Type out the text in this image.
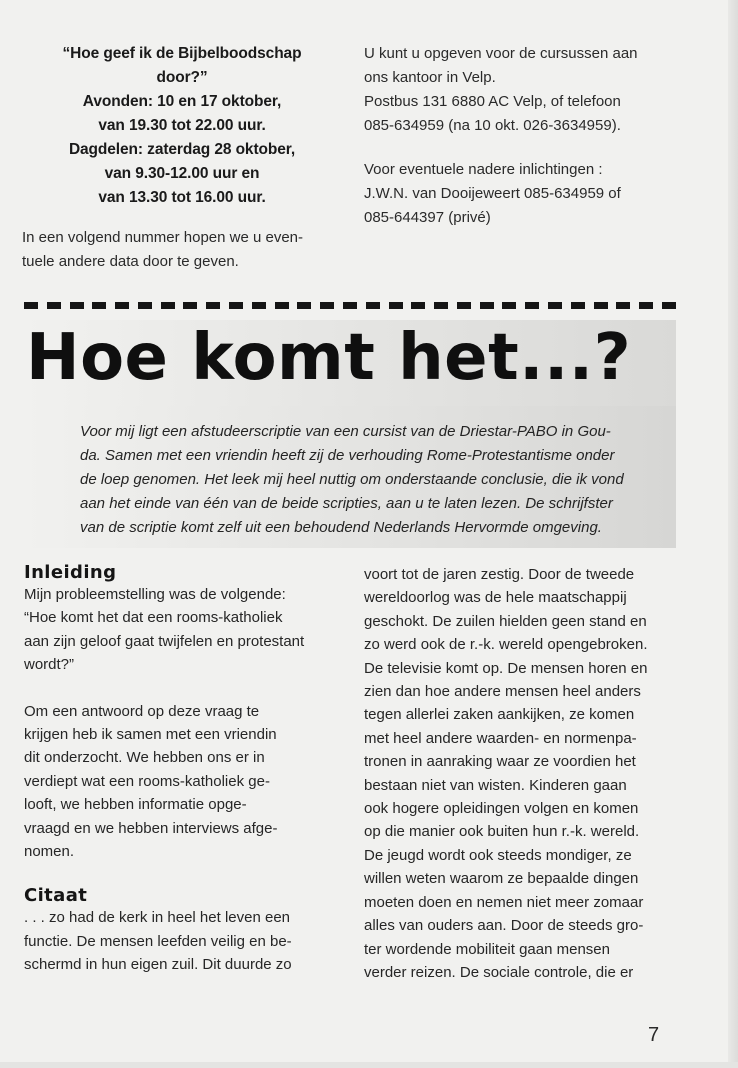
“Hoe geef ik de Bijbelboodschap
door?”
Avonden: 10 en 17 oktober,
van 19.30 tot 22.00 uur.
Dagdelen: zaterdag 28 oktober,
van 9.30-12.00 uur en
van 13.30 tot 16.00 uur.
In een volgend nummer hopen we u even-
tuele andere data door te geven.
U kunt u opgeven voor de cursussen aan
ons kantoor in Velp.
Postbus 131 6880 AC Velp, of telefoon
085-634959 (na 10 okt. 026-3634959).
Voor eventuele nadere inlichtingen :
J.W.N. van Dooijeweert 085-634959 of
085-644397 (privé)
Hoe komt het...?
Voor mij ligt een afstudeerscriptie van een cursist van de Driestar-PABO in Gou-
da. Samen met een vriendin heeft zij de verhouding Rome-Protestantisme onder
de loep genomen. Het leek mij heel nuttig om onderstaande conclusie, die ik vond
aan het einde van één van de beide scripties, aan u te laten lezen. De schrijfster
van de scriptie komt zelf uit een behoudend Nederlands Hervormde omgeving.
Inleiding
Mijn probleemstelling was de volgende:
“Hoe komt het dat een rooms-katholiek
aan zijn geloof gaat twijfelen en protestant
wordt?”
Om een antwoord op deze vraag te
krijgen heb ik samen met een vriendin
dit onderzocht. We hebben ons er in
verdiept wat een rooms-katholiek ge-
looft, we hebben informatie opge-
vraagd en we hebben interviews afge-
nomen.
Citaat
. . . zo had de kerk in heel het leven een
functie. De mensen leefden veilig en be-
schermd in hun eigen zuil. Dit duurde zo
voort tot de jaren zestig. Door de tweede
wereldoorlog was de hele maatschappij
geschokt. De zuilen hielden geen stand en
zo werd ook de r.-k. wereld opengebroken.
De televisie komt op. De mensen horen en
zien dan hoe andere mensen heel anders
tegen allerlei zaken aankijken, ze komen
met heel andere waarden- en normenpa-
tronen in aanraking waar ze voordien het
bestaan niet van wisten. Kinderen gaan
ook hogere opleidingen volgen en komen
op die manier ook buiten hun r.-k. wereld.
De jeugd wordt ook steeds mondiger, ze
willen weten waarom ze bepaalde dingen
moeten doen en nemen niet meer zomaar
alles van ouders aan. Door de steeds gro-
ter wordende mobiliteit gaan mensen
verder reizen. De sociale controle, die er
7
